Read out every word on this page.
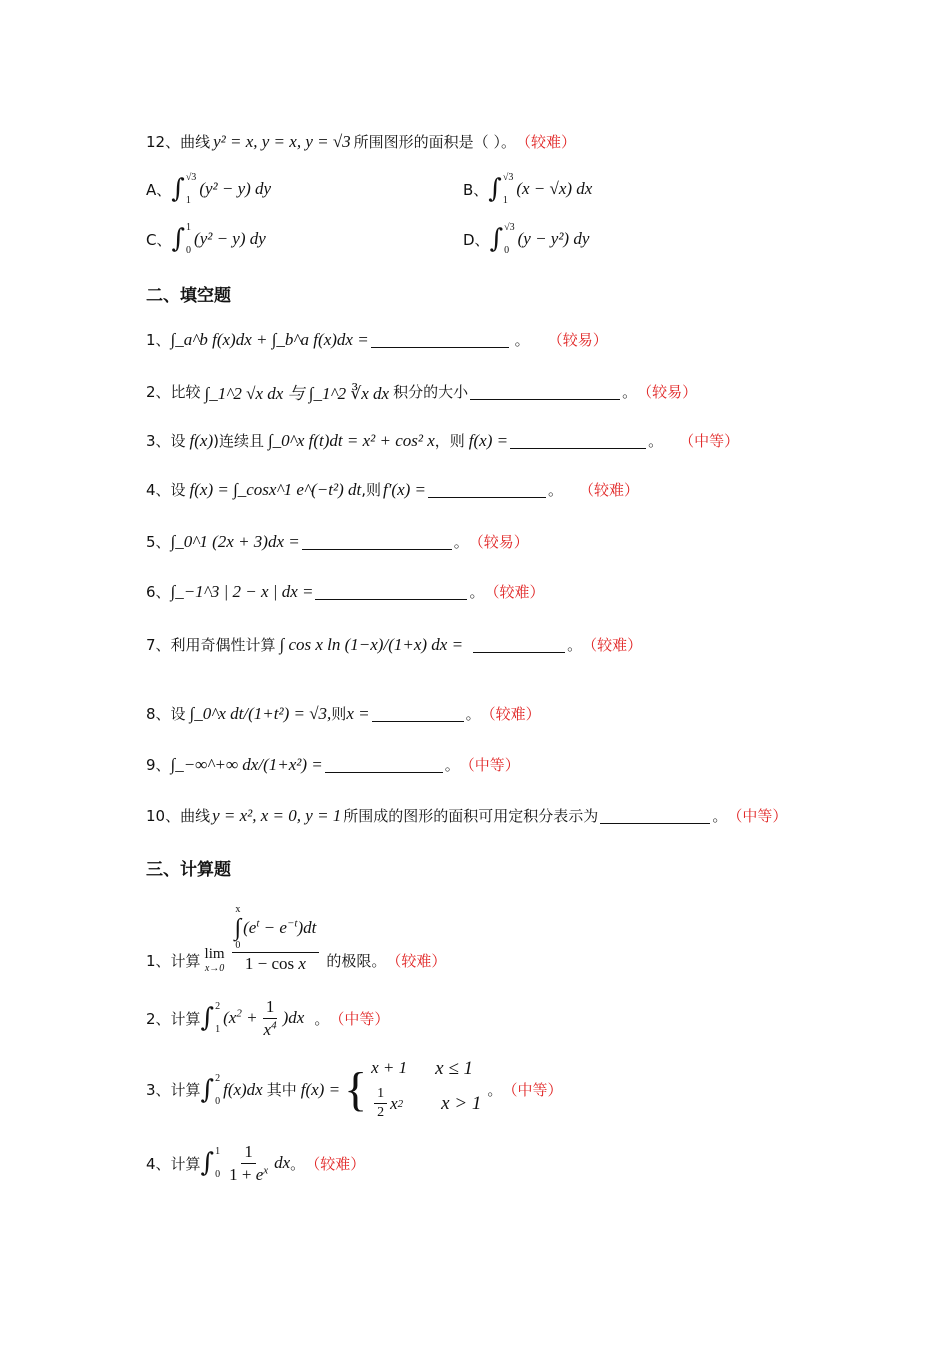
12、曲线 y² = x, y = x, y = √3 所围图形的面积是（ ）。 （较难）
A、 ∫ √3
1
(y² − y) dy	B、 ∫ √3
1
(x − √x) dx
C、 ∫ 1
0
(y² − y) dy	D、 ∫ √3
0
(y − y²) dy
二、填空题
1、 ∫_a^b f(x)dx + ∫_b^a f(x)dx =	。 （较易）
2、比较 ∫_1^2 √x dx 与 ∫_1^2 ∛x dx 积分的大小	。 （较易）
3、设 f(x) )连续且 ∫_0^x f(t)dt = x² + cos² x ，则 f(x) =	。 （中等）
4、设 f(x) = ∫_cosx^1 e^(−t²) dt ,则 f′(x) =	。 （较难）
5、 ∫_0^1 (2x + 3)dx =	。 （较易）
6、 ∫_−1^3 | 2 − x | dx =	。 （较难）
7、利用奇偶性计算 ∫ cos x ln (1−x)/(1+x) dx =	。 （较难）
8、设 ∫_0^x dt/(1+t²) = √3, 则 x =	。 （较难）
9、 ∫_−∞^+∞ dx/(1+x²) =	。 （中等）
10、曲线 y = x², x = 0, y = 1 所围成的图形的面积可用定积分表示为	。 （中等）
三、计算题
1、计算 lim
x→0 x
∫
0
$(e^t - e^{-t})dt$
1 − cos x 的极限。 （较难）
2、计算 ∫ 2
1
$(x^2 + \frac{1}{x^4} )dx$ 。 （中等）
3、计算 ∫ 2
0
f(x)dx 其中 f(x) = { x + 1 x ≤ 1
$\frac{1}{2}$ x 2 x > 1
。 （中等）
4、计算 ∫ 1
$0 \frac{1}{1 + e^x}$ dx 。 （较难）
